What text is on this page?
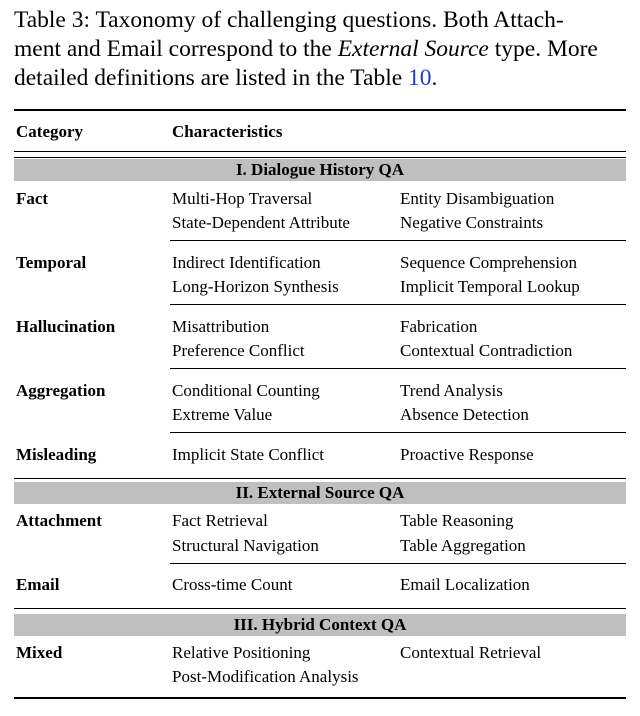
Table 3: Taxonomy of challenging questions. Both Attach-
ment and Email correspond to the External Source type. More
detailed definitions are listed in the Table 10.
Category	Characteristics
I. Dialogue History QA
Fact	Multi-Hop Traversal	Entity Disambiguation
State-Dependent Attribute	Negative Constraints
Temporal	Indirect Identification	Sequence Comprehension
Long-Horizon Synthesis	Implicit Temporal Lookup
Hallucination	Misattribution	Fabrication
Preference Conflict	Contextual Contradiction
Aggregation	Conditional Counting	Trend Analysis
Extreme Value	Absence Detection
Misleading	Implicit State Conflict	Proactive Response
II. External Source QA
Attachment	Fact Retrieval	Table Reasoning
Structural Navigation	Table Aggregation
Email	Cross-time Count	Email Localization
III. Hybrid Context QA
Mixed	Relative Positioning	Contextual Retrieval
Post-Modification Analysis
